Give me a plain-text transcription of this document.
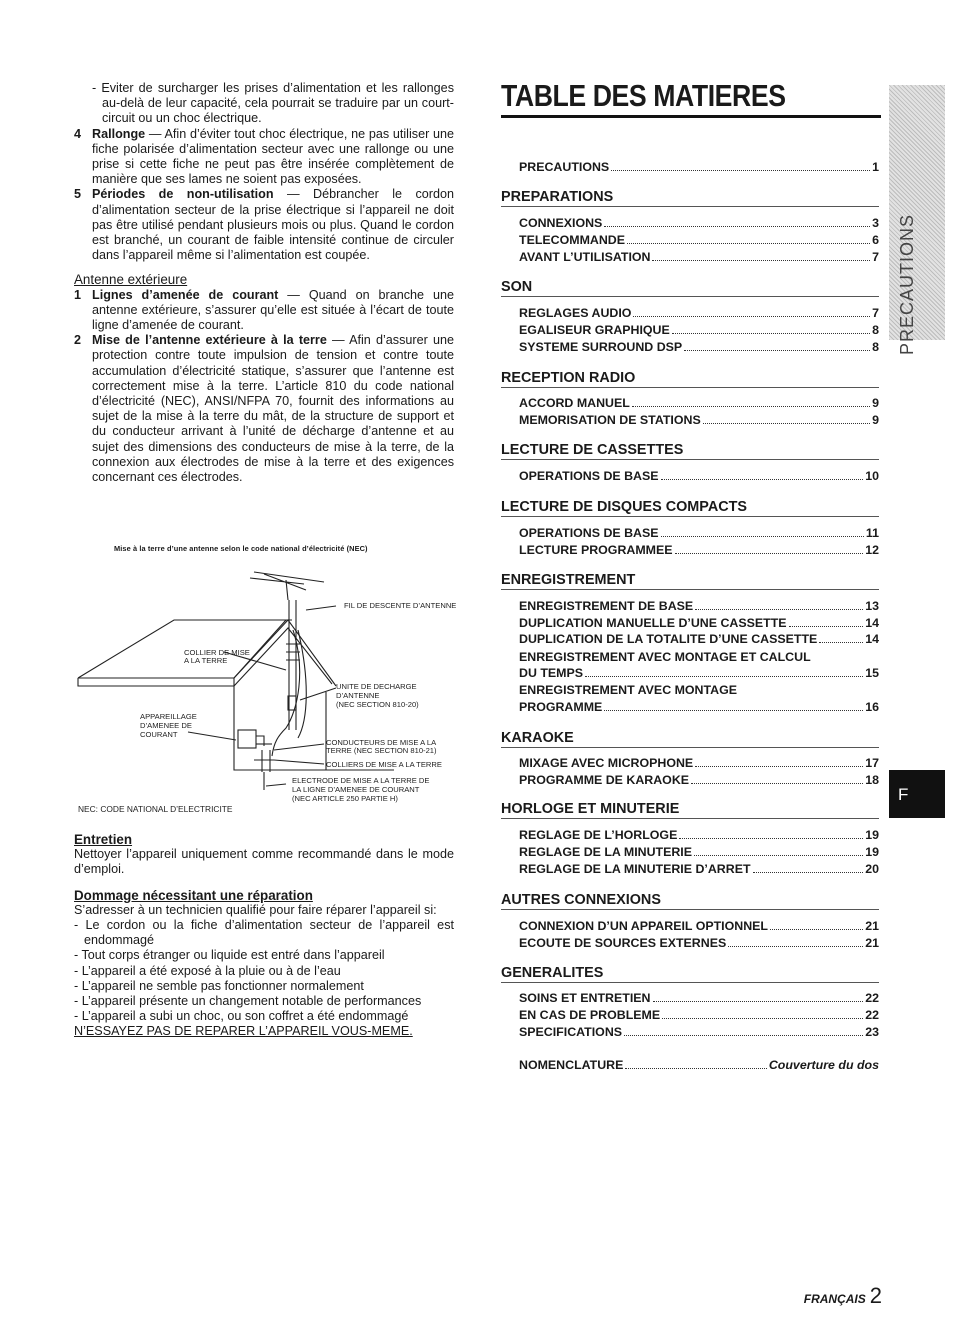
- Eviter de surcharger les prises d’alimentation et les rallonges au-delà de leur capacité, cela pourrait se traduire par un court-circuit ou un choc électrique.

4 Rallonge — Afin d’éviter tout choc électrique, ne pas utiliser une fiche polarisée d’alimentation secteur avec une rallonge ou une prise si cette fiche ne peut pas être insérée complètement de manière que ses lames ne soient pas exposées.

5 Périodes de non-utilisation — Débrancher le cordon d’alimentation secteur de la prise électrique si l’appareil ne doit pas être utilisé pendant plusieurs mois ou plus. Quand le cordon est branché, un courant de faible intensité continue de circuler dans l’appareil même si l’alimentation est coupée.

Antenne extérieure

1 Lignes d’amenée de courant — Quand on branche une antenne extérieure, s’assurer qu’elle est située à l’écart de toute ligne d’amenée de courant.

2 Mise de l’antenne extérieure à la terre — Afin d’assurer une protection contre toute impulsion de tension et contre toute accumulation d’électricité statique, s’assurer que l’antenne est correctement mise à la terre. L’article 810 du code national d’électricité (NEC), ANSI/NFPA 70, fournit des informations au sujet de la mise à la terre du mât, de la structure de support et du conducteur arrivant à l’unité de décharge d’antenne et au sujet des dimensions des conducteurs de mise à la terre, de la connexion aux électrodes de mise à la terre et des exigences concernant ces électrodes.

Mise à la terre d’une antenne selon le code national d’électricité (NEC)
FIL DE DESCENTE D’ANTENNE
COLLIER DE MISE
A LA TERRE
UNITE DE DECHARGE
D’ANTENNE
(NEC SECTION 810-20)
APPAREILLAGE
D’AMENEE DE
COURANT
CONDUCTEURS DE MISE A LA
TERRE (NEC SECTION 810-21)
COLLIERS DE MISE A LA TERRE
ELECTRODE DE MISE A LA TERRE DE
LA LIGNE D’AMENEE DE COURANT
(NEC ARTICLE 250 PARTIE H)
NEC: CODE NATIONAL D’ELECTRICITE

Entretien

Nettoyer l’appareil uniquement comme recommandé dans le mode d’emploi.

Dommage nécessitant une réparation

S’adresser à un technicien qualifié pour faire réparer l’appareil si:

- Le cordon ou la fiche d’alimentation secteur de l’appareil est endommagé

- Tout corps étranger ou liquide est entré dans l’appareil

- L’appareil a été exposé à la pluie ou à de l’eau

- L’appareil ne semble pas fonctionner normalement

- L’appareil présente un changement notable de performances

- L’appareil a subi un choc, ou son coffret a été endommagé

N’ESSAYEZ PAS DE REPARER L’APPAREIL VOUS-MEME.

TABLE DES MATIERES
PRECAUTIONS	1
PREPARATIONS
CONNEXIONS	3
TELECOMMANDE	6
AVANT L’UTILISATION	7
SON
REGLAGES AUDIO	7
EGALISEUR GRAPHIQUE	8
SYSTEME SURROUND DSP	8
RECEPTION RADIO
ACCORD MANUEL	9
MEMORISATION DE STATIONS	9
LECTURE DE CASSETTES
OPERATIONS DE BASE	10
LECTURE DE DISQUES COMPACTS
OPERATIONS DE BASE	11
LECTURE PROGRAMMEE	12
ENREGISTREMENT
ENREGISTREMENT DE BASE	13
DUPLICATION MANUELLE D’UNE CASSETTE	14
DUPLICATION DE LA TOTALITE D’UNE CASSETTE	14
ENREGISTREMENT AVEC MONTAGE ET CALCUL
DU TEMPS	15
ENREGISTREMENT AVEC MONTAGE
PROGRAMME	16
KARAOKE
MIXAGE AVEC MICROPHONE	17
PROGRAMME DE KARAOKE	18
HORLOGE ET MINUTERIE
REGLAGE DE L’HORLOGE	19
REGLAGE DE LA MINUTERIE	19
REGLAGE DE LA MINUTERIE D’ARRET	20
AUTRES CONNEXIONS
CONNEXION D’UN APPAREIL OPTIONNEL	21
ECOUTE DE SOURCES EXTERNES	21
GENERALITES
SOINS ET ENTRETIEN	22
EN CAS DE PROBLEME	22
SPECIFICATIONS	23
NOMENCLATURE	Couverture du dos
PRECAUTIONS
F
FRANÇAIS 2
